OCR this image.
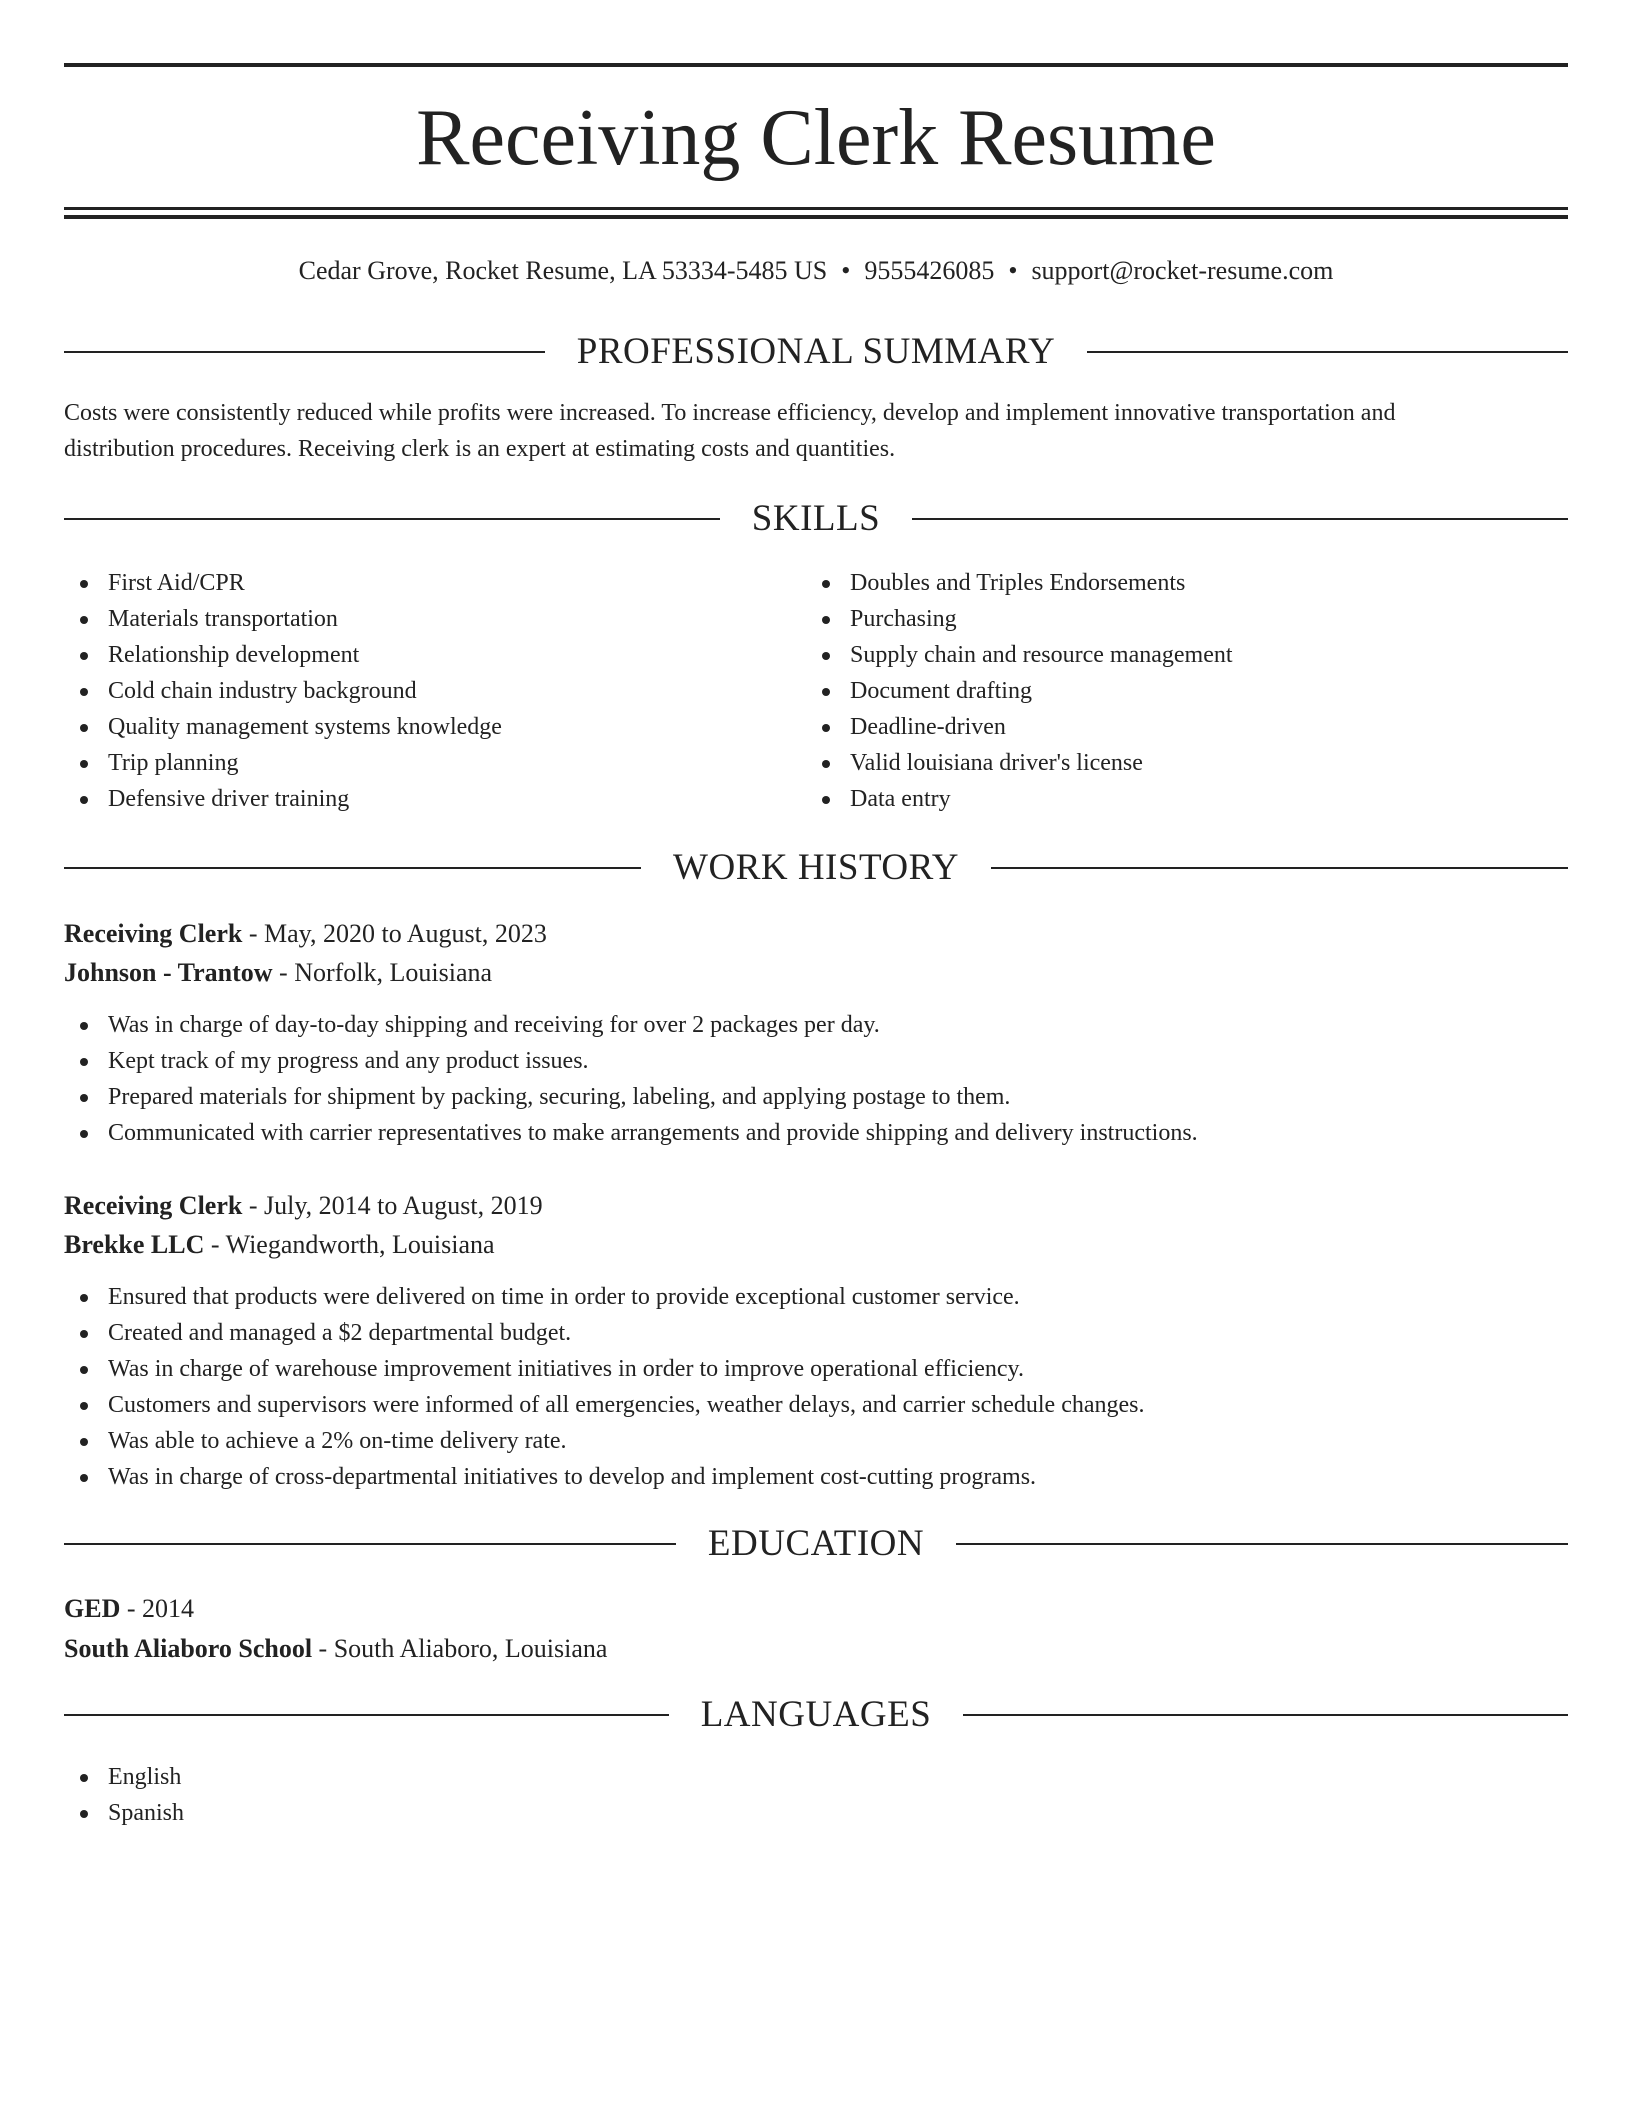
Receiving Clerk Resume
Cedar Grove, Rocket Resume, LA 53334-5485 US • 9555426085 • support@rocket-resume.com
PROFESSIONAL SUMMARY

Costs were consistently reduced while profits were increased. To increase efficiency, develop and implement innovative transportation and
distribution procedures. Receiving clerk is an expert at estimating costs and quantities.

SKILLS
First Aid/CPR
Materials transportation
Relationship development
Cold chain industry background
Quality management systems knowledge
Trip planning
Defensive driver training
Doubles and Triples Endorsements
Purchasing
Supply chain and resource management
Document drafting
Deadline-driven
Valid louisiana driver's license
Data entry
WORK HISTORY
Receiving Clerk - May, 2020 to August, 2023
Johnson - Trantow - Norfolk, Louisiana
Was in charge of day-to-day shipping and receiving for over 2 packages per day.
Kept track of my progress and any product issues.
Prepared materials for shipment by packing, securing, labeling, and applying postage to them.
Communicated with carrier representatives to make arrangements and provide shipping and delivery instructions.
Receiving Clerk - July, 2014 to August, 2019
Brekke LLC - Wiegandworth, Louisiana
Ensured that products were delivered on time in order to provide exceptional customer service.
Created and managed a $2 departmental budget.
Was in charge of warehouse improvement initiatives in order to improve operational efficiency.
Customers and supervisors were informed of all emergencies, weather delays, and carrier schedule changes.
Was able to achieve a 2% on-time delivery rate.
Was in charge of cross-departmental initiatives to develop and implement cost-cutting programs.
EDUCATION
GED - 2014
South Aliaboro School - South Aliaboro, Louisiana
LANGUAGES
English
Spanish
